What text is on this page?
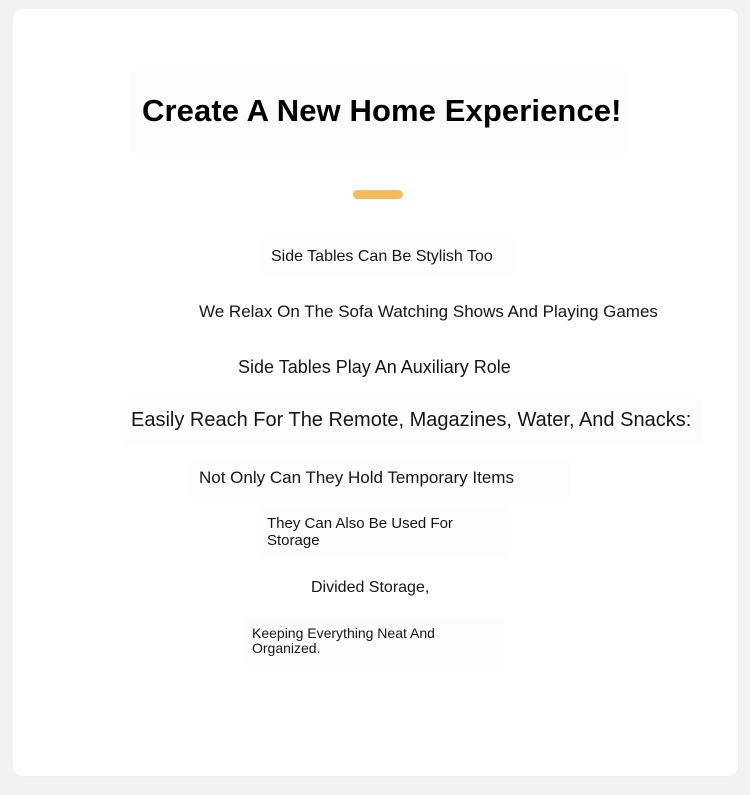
Create A New Home Experience!
Side Tables Can Be Stylish Too
We Relax On The Sofa Watching Shows And Playing Games
Side Tables Play An Auxiliary Role
Easily Reach For The Remote, Magazines, Water, And Snacks:
Not Only Can They Hold Temporary Items
They Can Also Be Used For Storage
Divided Storage,
Keeping Everything Neat And Organized.
